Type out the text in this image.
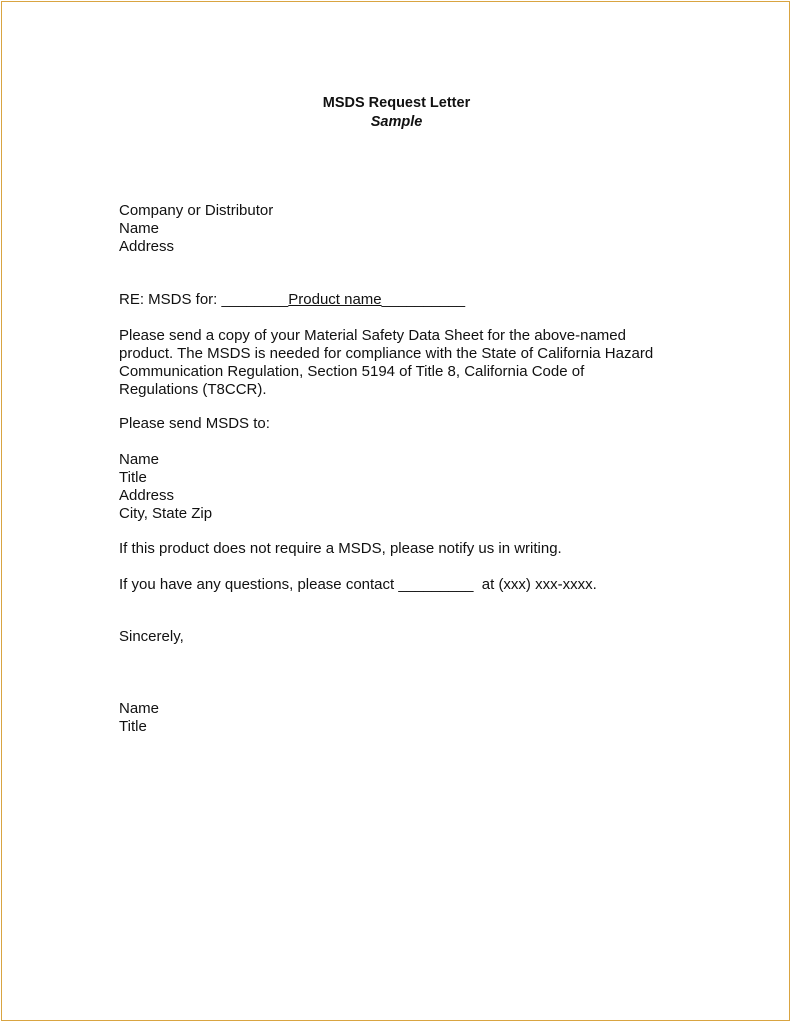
MSDS Request Letter
Sample
Company or Distributor
Name
Address
RE: MSDS for: ________Product name__________
Please send a copy of your Material Safety Data Sheet for the above-named
product. The MSDS is needed for compliance with the State of California Hazard
Communication Regulation, Section 5194 of Title 8, California Code of
Regulations (T8CCR).
Please send MSDS to:
Name
Title
Address
City, State Zip
If this product does not require a MSDS, please notify us in writing.
If you have any questions, please contact _________  at (xxx) xxx-xxxx.
Sincerely,
Name
Title
